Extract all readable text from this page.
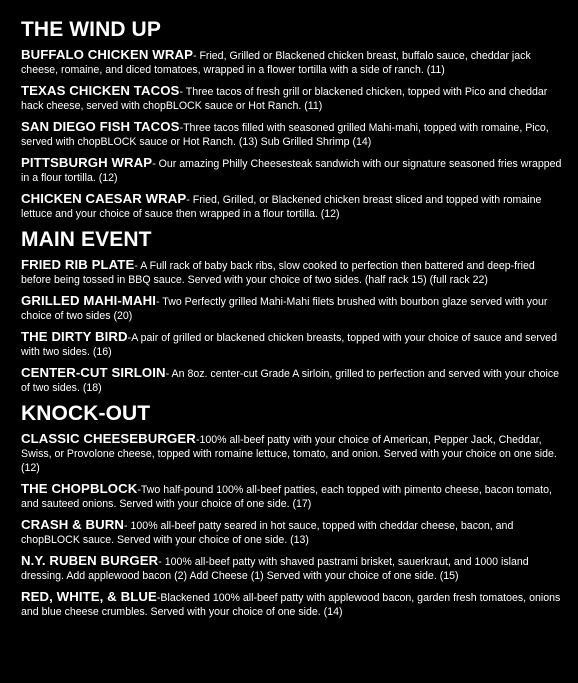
THE WIND UP

BUFFALO CHICKEN WRAP- Fried, Grilled or Blackened chicken breast, buffalo sauce, cheddar jack cheese, romaine, and diced tomatoes, wrapped in a flower tortilla with a side of ranch. (11)

TEXAS CHICKEN TACOS- Three tacos of fresh grill or blackened chicken, topped with Pico and cheddar hack cheese, served with chopBLOCK sauce or Hot Ranch. (11)

SAN DIEGO FISH TACOS-Three tacos filled with seasoned grilled Mahi-mahi, topped with romaine, Pico, served with chopBLOCK sauce or Hot Ranch. (13) Sub Grilled Shrimp (14)

PITTSBURGH WRAP- Our amazing Philly Cheesesteak sandwich with our signature seasoned fries wrapped in a flour tortilla. (12)

CHICKEN CAESAR WRAP- Fried, Grilled, or Blackened chicken breast sliced and topped with romaine lettuce and your choice of sauce then wrapped in a flour tortilla. (12)

MAIN EVENT

FRIED RIB PLATE- A Full rack of baby back ribs, slow cooked to perfection then battered and deep-fried before being tossed in BBQ sauce. Served with your choice of two sides. (half rack 15) (full rack 22)

GRILLED MAHI-MAHI- Two Perfectly grilled Mahi-Mahi filets brushed with bourbon glaze served with your choice of two sides (20)

THE DIRTY BIRD-A pair of grilled or blackened chicken breasts, topped with your choice of sauce and served with two sides. (16)

CENTER-CUT SIRLOIN- An 8oz. center-cut Grade A sirloin, grilled to perfection and served with your choice of two sides. (18)

KNOCK-OUT

CLASSIC CHEESEBURGER-100% all-beef patty with your choice of American, Pepper Jack, Cheddar, Swiss, or Provolone cheese, topped with romaine lettuce, tomato, and onion. Served with your choice on one side. (12)

THE CHOPBLOCK-Two half-pound 100% all-beef patties, each topped with pimento cheese, bacon tomato, and sauteed onions. Served with your choice of one side. (17)

CRASH & BURN- 100% all-beef patty seared in hot sauce, topped with cheddar cheese, bacon, and chopBLOCK sauce. Served with your choice of one side. (13)

N.Y. RUBEN BURGER- 100% all-beef patty with shaved pastrami brisket, sauerkraut, and 1000 island dressing. Add applewood bacon (2) Add Cheese (1) Served with your choice of one side. (15)

RED, WHITE, & BLUE-Blackened 100% all-beef patty with applewood bacon, garden fresh tomatoes, onions and blue cheese crumbles. Served with your choice of one side. (14)
